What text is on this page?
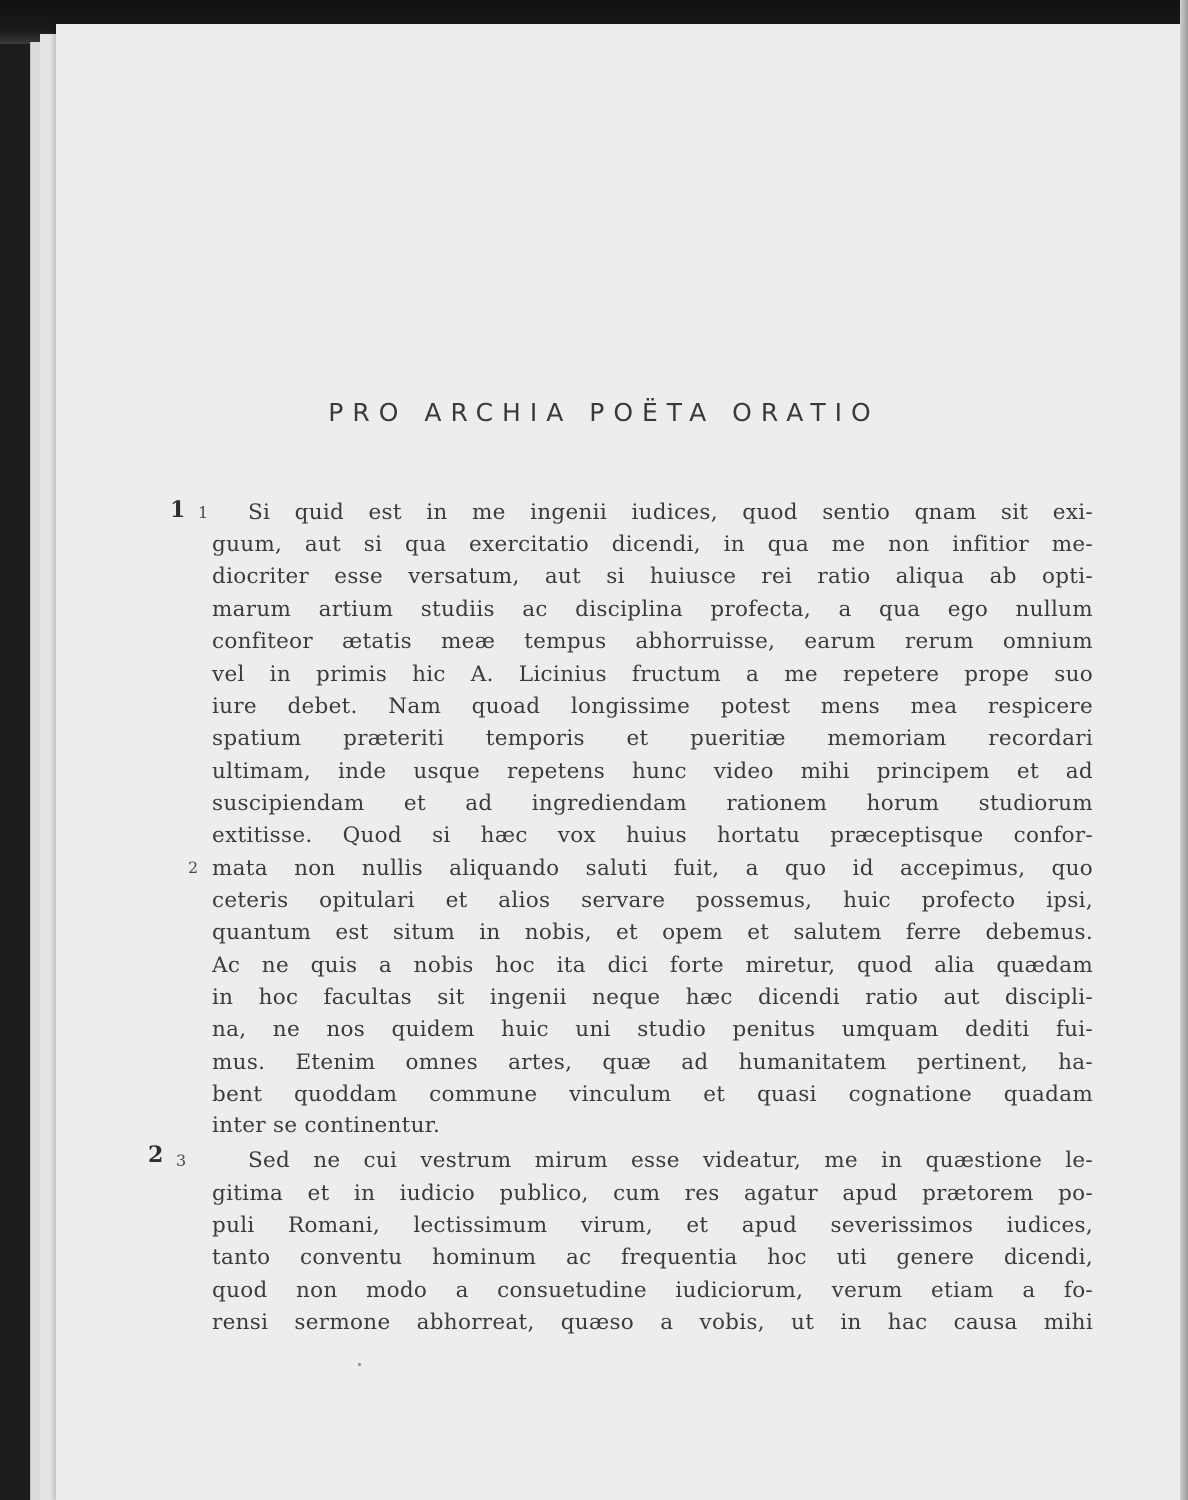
PRO ARCHIA POËTA ORATIO
1 1
2
2 3
Si quid est in me ingenii iudices, quod sentio qnam sit exi-
guum, aut si qua exercitatio dicendi, in qua me non infitior me-
diocriter esse versatum, aut si huiusce rei ratio aliqua ab opti-
marum artium studiis ac disciplina profecta, a qua ego nullum
confiteor ætatis meæ tempus abhorruisse, earum rerum omnium
vel in primis hic A. Licinius fructum a me repetere prope suo
iure debet. Nam quoad longissime potest mens mea respicere
spatium præteriti temporis et pueritiæ memoriam recordari
ultimam, inde usque repetens hunc video mihi principem et ad
suscipiendam et ad ingrediendam rationem horum studiorum
extitisse. Quod si hæc vox huius hortatu præceptisque confor-
mata non nullis aliquando saluti fuit, a quo id accepimus, quo
ceteris opitulari et alios servare possemus, huic profecto ipsi,
quantum est situm in nobis, et opem et salutem ferre debemus.
Ac ne quis a nobis hoc ita dici forte miretur, quod alia quædam
in hoc facultas sit ingenii neque hæc dicendi ratio aut discipli-
na, ne nos quidem huic uni studio penitus umquam dediti fui-
mus. Etenim omnes artes, quæ ad humanitatem pertinent, ha-
bent quoddam commune vinculum et quasi cognatione quadam
inter se continentur.
Sed ne cui vestrum mirum esse videatur, me in quæstione le-
gitima et in iudicio publico, cum res agatur apud prætorem po-
puli Romani, lectissimum virum, et apud severissimos iudices,
tanto conventu hominum ac frequentia hoc uti genere dicendi,
quod non modo a consuetudine iudiciorum, verum etiam a fo-
rensi sermone abhorreat, quæso a vobis, ut in hac causa mihi
